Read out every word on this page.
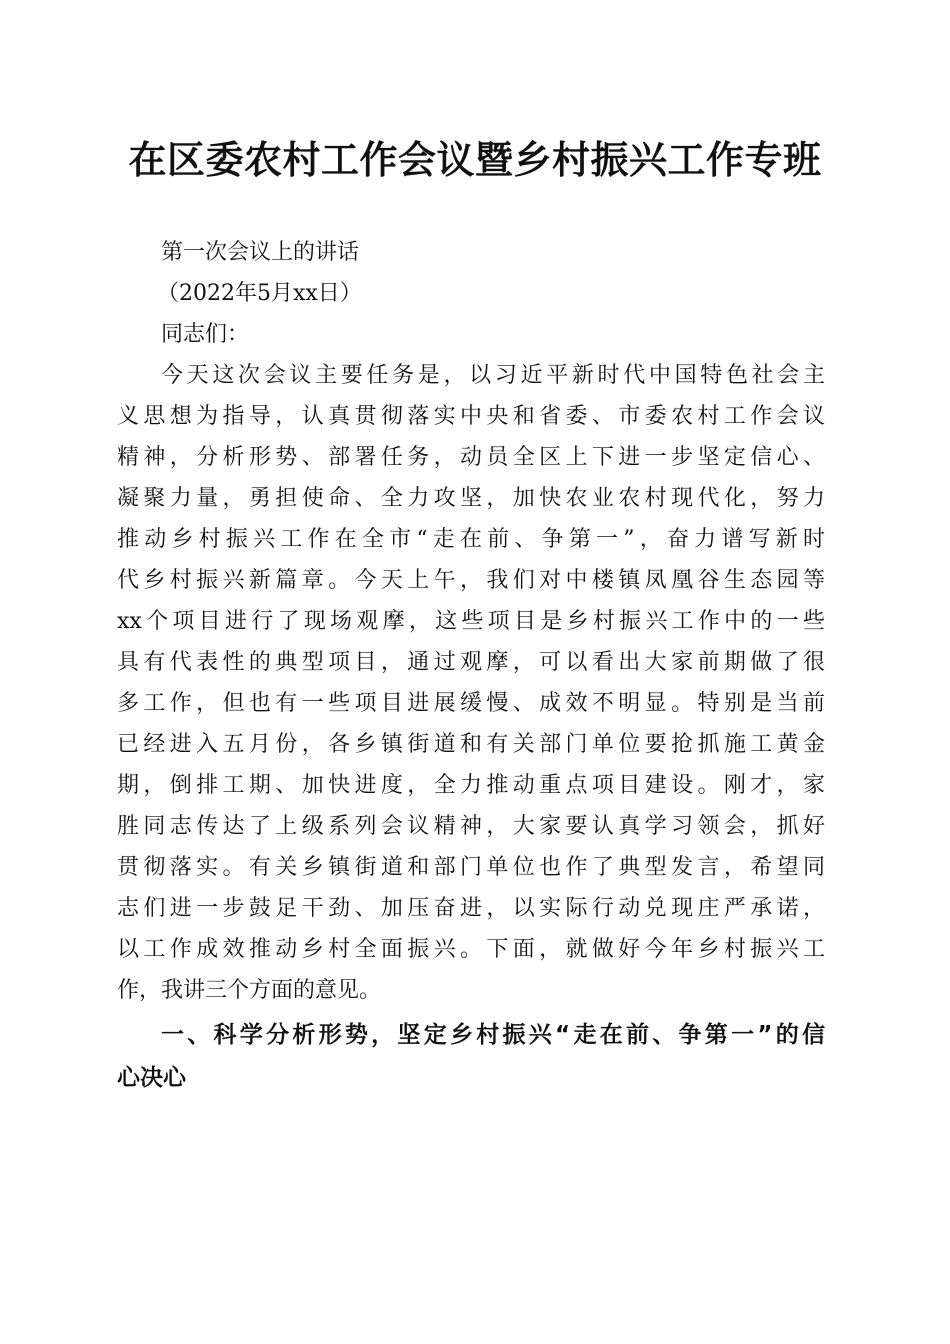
在区委农村工作会议暨乡村振兴工作专班

第一次会议上的讲话

（2022年5月xx日）

同志们：

今天这次会议主要任务是，以习近平新时代中国特色社会主

义思想为指导，认真贯彻落实中央和省委、市委农村工作会议

精神，分析形势、部署任务，动员全区上下进一步坚定信心、

凝聚力量，勇担使命、全力攻坚，加快农业农村现代化，努力

推动乡村振兴工作在全市“走在前、争第一”，奋力谱写新时

代乡村振兴新篇章。今天上午，我们对中楼镇凤凰谷生态园等

xx个项目进行了现场观摩，这些项目是乡村振兴工作中的一些

具有代表性的典型项目，通过观摩，可以看出大家前期做了很

多工作，但也有一些项目进展缓慢、成效不明显。特别是当前

已经进入五月份，各乡镇街道和有关部门单位要抢抓施工黄金

期，倒排工期、加快进度，全力推动重点项目建设。刚才，家

胜同志传达了上级系列会议精神，大家要认真学习领会，抓好

贯彻落实。有关乡镇街道和部门单位也作了典型发言，希望同

志们进一步鼓足干劲、加压奋进，以实际行动兑现庄严承诺，

以工作成效推动乡村全面振兴。下面，就做好今年乡村振兴工

作，我讲三个方面的意见。

一、科学分析形势，坚定乡村振兴“走在前、争第一”的信

心决心
